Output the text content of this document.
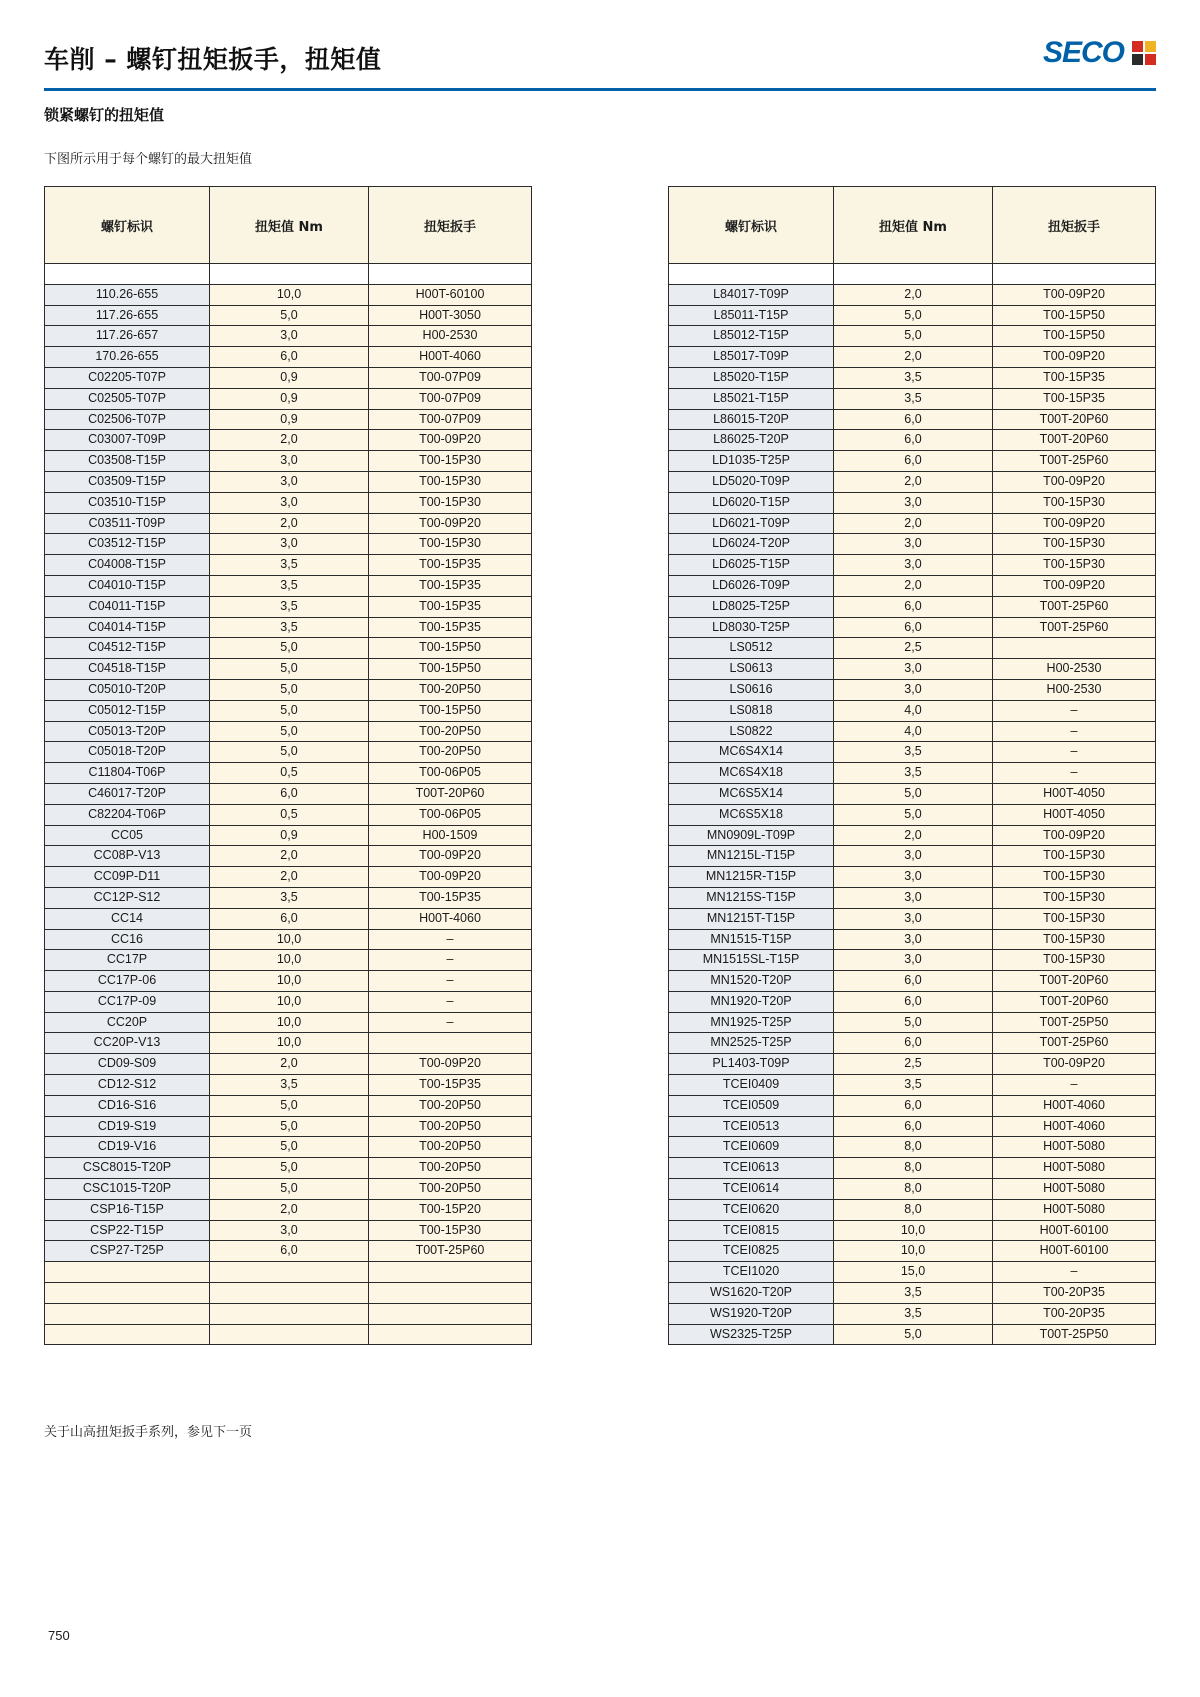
车削 – 螺钉扭矩扳手，扭矩值	SECO
锁紧螺钉的扭矩值
下图所示用于每个螺钉的最大扭矩值
螺钉标识	扭矩值 Nm	扭矩扳手

110.26-655	10,0	H00T-60100
117.26-655	5,0	H00T-3050
117.26-657	3,0	H00-2530
170.26-655	6,0	H00T-4060
C02205-T07P	0,9	T00-07P09
C02505-T07P	0,9	T00-07P09
C02506-T07P	0,9	T00-07P09
C03007-T09P	2,0	T00-09P20
C03508-T15P	3,0	T00-15P30
C03509-T15P	3,0	T00-15P30
C03510-T15P	3,0	T00-15P30
C03511-T09P	2,0	T00-09P20
C03512-T15P	3,0	T00-15P30
C04008-T15P	3,5	T00-15P35
C04010-T15P	3,5	T00-15P35
C04011-T15P	3,5	T00-15P35
C04014-T15P	3,5	T00-15P35
C04512-T15P	5,0	T00-15P50
C04518-T15P	5,0	T00-15P50
C05010-T20P	5,0	T00-20P50
C05012-T15P	5,0	T00-15P50
C05013-T20P	5,0	T00-20P50
C05018-T20P	5,0	T00-20P50
C11804-T06P	0,5	T00-06P05
C46017-T20P	6,0	T00T-20P60
C82204-T06P	0,5	T00-06P05
CC05	0,9	H00-1509
CC08P-V13	2,0	T00-09P20
CC09P-D11	2,0	T00-09P20
CC12P-S12	3,5	T00-15P35
CC14	6,0	H00T-4060
CC16	10,0	–
CC17P	10,0	–
CC17P-06	10,0	–
CC17P-09	10,0	–
CC20P	10,0	–
CC20P-V13	10,0	
CD09-S09	2,0	T00-09P20
CD12-S12	3,5	T00-15P35
CD16-S16	5,0	T00-20P50
CD19-S19	5,0	T00-20P50
CD19-V16	5,0	T00-20P50
CSC8015-T20P	5,0	T00-20P50
CSC1015-T20P	5,0	T00-20P50
CSP16-T15P	2,0	T00-15P20
CSP22-T15P	3,0	T00-15P30
CSP27-T25P	6,0	T00T-25P60

螺钉标识	扭矩值 Nm	扭矩扳手

L84017-T09P	2,0	T00-09P20
L85011-T15P	5,0	T00-15P50
L85012-T15P	5,0	T00-15P50
L85017-T09P	2,0	T00-09P20
L85020-T15P	3,5	T00-15P35
L85021-T15P	3,5	T00-15P35
L86015-T20P	6,0	T00T-20P60
L86025-T20P	6,0	T00T-20P60
LD1035-T25P	6,0	T00T-25P60
LD5020-T09P	2,0	T00-09P20
LD6020-T15P	3,0	T00-15P30
LD6021-T09P	2,0	T00-09P20
LD6024-T20P	3,0	T00-15P30
LD6025-T15P	3,0	T00-15P30
LD6026-T09P	2,0	T00-09P20
LD8025-T25P	6,0	T00T-25P60
LD8030-T25P	6,0	T00T-25P60
LS0512	2,5	
LS0613	3,0	H00-2530
LS0616	3,0	H00-2530
LS0818	4,0	–
LS0822	4,0	–
MC6S4X14	3,5	–
MC6S4X18	3,5	–
MC6S5X14	5,0	H00T-4050
MC6S5X18	5,0	H00T-4050
MN0909L-T09P	2,0	T00-09P20
MN1215L-T15P	3,0	T00-15P30
MN1215R-T15P	3,0	T00-15P30
MN1215S-T15P	3,0	T00-15P30
MN1215T-T15P	3,0	T00-15P30
MN1515-T15P	3,0	T00-15P30
MN1515SL-T15P	3,0	T00-15P30
MN1520-T20P	6,0	T00T-20P60
MN1920-T20P	6,0	T00T-20P60
MN1925-T25P	5,0	T00T-25P50
MN2525-T25P	6,0	T00T-25P60
PL1403-T09P	2,5	T00-09P20
TCEI0409	3,5	–
TCEI0509	6,0	H00T-4060
TCEI0513	6,0	H00T-4060
TCEI0609	8,0	H00T-5080
TCEI0613	8,0	H00T-5080
TCEI0614	8,0	H00T-5080
TCEI0620	8,0	H00T-5080
TCEI0815	10,0	H00T-60100
TCEI0825	10,0	H00T-60100
TCEI1020	15,0	–
WS1620-T20P	3,5	T00-20P35
WS1920-T20P	3,5	T00-20P35
WS2325-T25P	5,0	T00T-25P50
关于山高扭矩扳手系列，参见下一页
750
